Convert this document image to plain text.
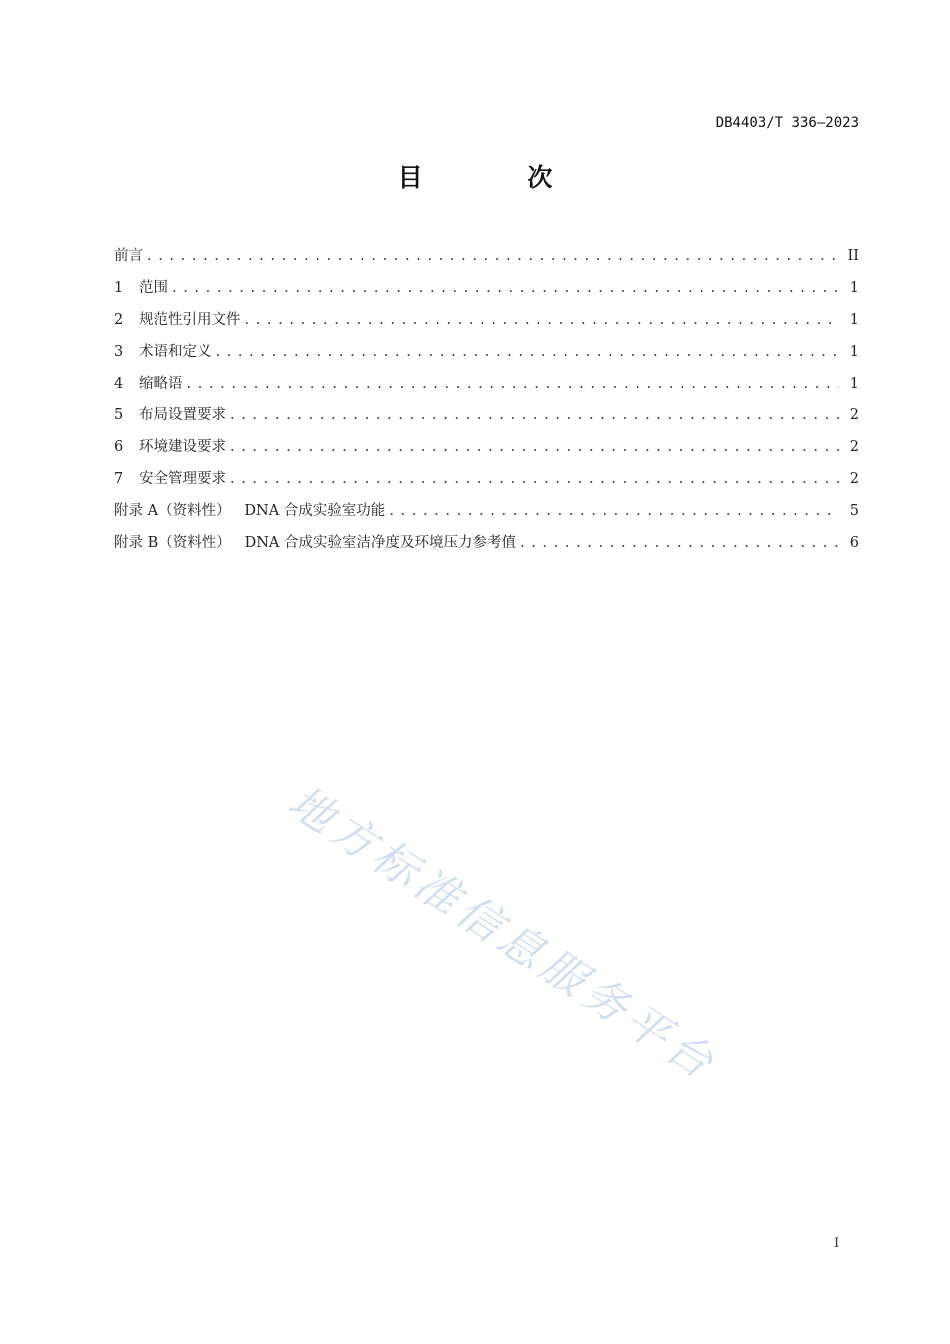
DB4403/T 336—2023
目 次
前言 . . .	II
1	范围 . . .	1
2	规范性引用文件 . . .	1
3	术语和定义 . . .	1
4	缩略语 . . .	1
5	布局设置要求 . . .	2
6	环境建设要求 . . .	2
7	安全管理要求 . . .	2
附录 A（资料性）   DNA 合成实验室功能 . . .	5
附录 B（资料性）   DNA 合成实验室洁净度及环境压力参考值 . . .	6
地方标准信息服务平台
I
